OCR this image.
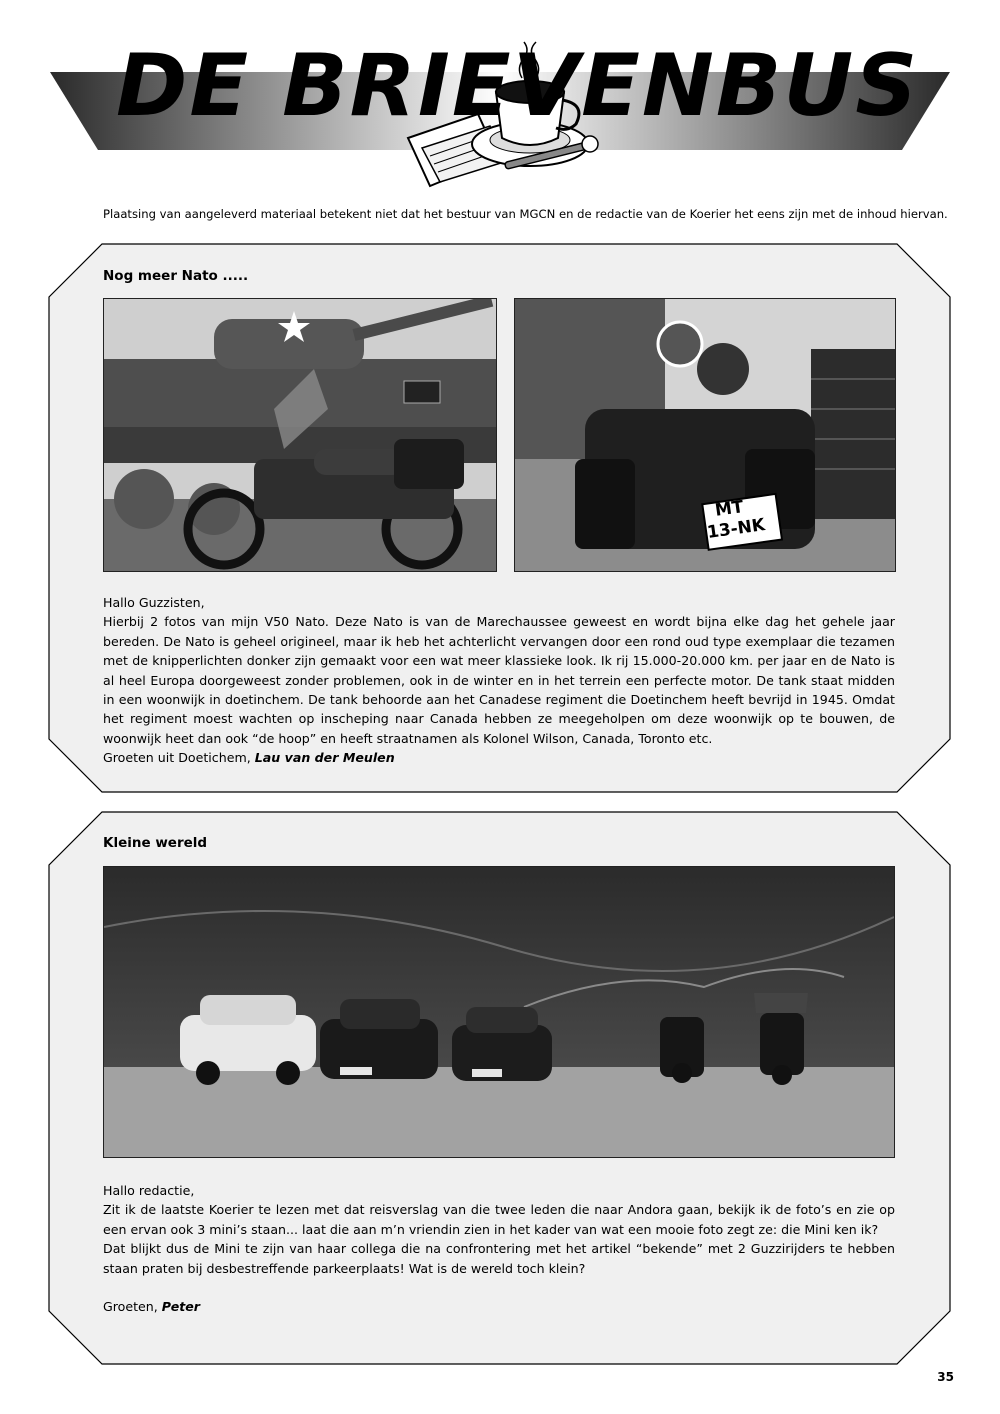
DE BRIEVENBUS
Plaatsing van aangeleverd materiaal betekent niet dat het bestuur van MGCN en de redactie van de Koerier het eens zijn met de inhoud hiervan.
Nog meer Nato .....
MT
13-NK

Hallo Guzzisten,

Hierbij 2 fotos van mijn V50 Nato. Deze Nato is van de Marechaussee geweest en wordt bijna elke dag het gehele jaar bereden. De Nato is geheel origineel, maar ik heb het achterlicht vervangen door een rond oud type exemplaar die tezamen met de knipperlichten donker zijn gemaakt voor een wat meer klassieke look. Ik rij 15.000-20.000 km. per jaar en de Nato is al heel Europa doorgeweest zonder problemen, ook in de winter en in het terrein een perfecte motor. De tank staat midden in een woonwijk in doetinchem. De tank behoorde aan het Canadese regiment die Doetinchem heeft bevrijd in 1945. Omdat het regiment moest wachten op inscheping naar Canada hebben ze meegeholpen om deze woonwijk op te bouwen, de woonwijk heet dan ook “de hoop” en heeft straatnamen als Kolonel Wilson, Canada, Toronto etc.

Groeten uit Doetichem, Lau van der Meulen

Kleine wereld

Hallo redactie,

Zit ik de laatste Koerier te lezen met dat reisverslag van die twee leden die naar Andora gaan, bekijk ik de foto’s en zie op een ervan ook 3 mini’s staan... laat die aan m’n vriendin zien in het kader van wat een mooie foto zegt ze: die Mini ken ik?

Dat blijkt dus de Mini te zijn van haar collega die na confrontering met het artikel “bekende” met 2 Guzzirijders te hebben staan praten bij desbestreffende parkeerplaats! Wat is de wereld toch klein?

Groeten, Peter

35
